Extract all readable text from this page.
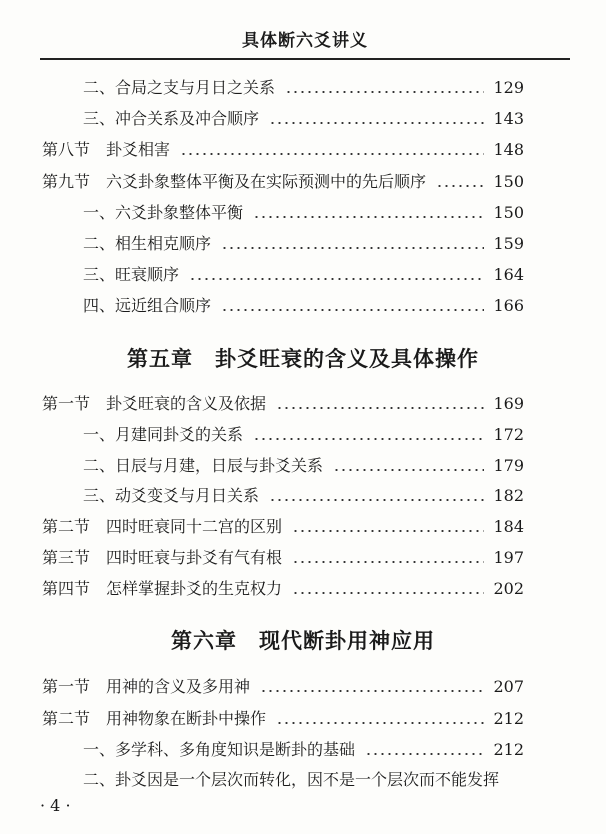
具体断六爻讲义
二、合局之支与月日之关系	129
三、冲合关系及冲合顺序	143
第八节　卦爻相害	148
第九节　六爻卦象整体平衡及在实际预测中的先后顺序	150
一、六爻卦象整体平衡	150
二、相生相克顺序	159
三、旺衰顺序	164
四、远近组合顺序	166
第五章　卦爻旺衰的含义及具体操作
第一节　卦爻旺衰的含义及依据	169
一、月建同卦爻的关系	172
二、日辰与月建，日辰与卦爻关系	179
三、动爻变爻与月日关系	182
第二节　四时旺衰同十二宫的区别	184
第三节　四时旺衰与卦爻有气有根	197
第四节　怎样掌握卦爻的生克权力	202
第六章　现代断卦用神应用
第一节　用神的含义及多用神	207
第二节　用神物象在断卦中操作	212
一、多学科、多角度知识是断卦的基础	212
二、卦爻因是一个层次而转化，因不是一个层次而不能发挥
· 4 ·
